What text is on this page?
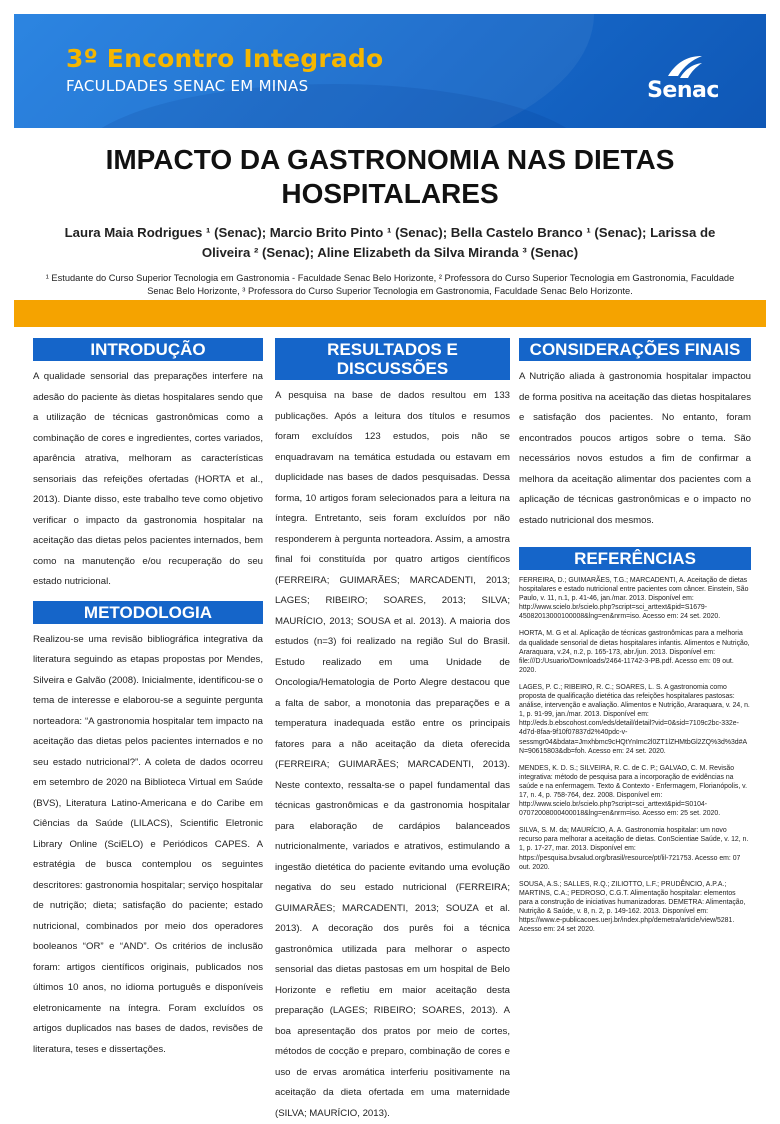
3º Encontro Integrado
FACULDADES SENAC EM MINAS	Senac
IMPACTO DA GASTRONOMIA NAS DIETAS HOSPITALARES
Laura Maia Rodrigues ¹ (Senac); Marcio Brito Pinto ¹ (Senac); Bella Castelo Branco ¹ (Senac); Larissa de Oliveira ² (Senac); Aline Elizabeth da Silva Miranda ³ (Senac)
¹ Estudante do Curso Superior Tecnologia em Gastronomia - Faculdade Senac Belo Horizonte, ² Professora do Curso Superior Tecnologia em Gastronomia, Faculdade Senac Belo Horizonte, ³ Professora do Curso Superior Tecnologia em Gastronomia, Faculdade Senac Belo Horizonte.
INTRODUÇÃO

A qualidade sensorial das preparações interfere na adesão do paciente às dietas hospitalares sendo que a utilização de técnicas gastronômicas como a combinação de cores e ingredientes, cortes variados, aparência atrativa, melhoram as características sensoriais das refeições ofertadas (HORTA et al., 2013). Diante disso, este trabalho teve como objetivo verificar o impacto da gastronomia hospitalar na aceitação das dietas pelos pacientes internados, bem como na manutenção e/ou recuperação do seu estado nutricional.

METODOLOGIA

Realizou-se uma revisão bibliográfica integrativa da literatura seguindo as etapas propostas por Mendes, Silveira e Galvão (2008). Inicialmente, identificou-se o tema de interesse e elaborou-se a seguinte pergunta norteadora: “A gastronomia hospitalar tem impacto na aceitação das dietas pelos pacientes internados e no seu estado nutricional?”. A coleta de dados ocorreu em setembro de 2020 na Biblioteca Virtual em Saúde (BVS), Literatura Latino-Americana e do Caribe em Ciências da Saúde (LILACS), Scientific Eletronic Library Online (SciELO) e Periódicos CAPES. A estratégia de busca contemplou os seguintes descritores: gastronomia hospitalar; serviço hospitalar de nutrição; dieta; satisfação do paciente; estado nutricional, combinados por meio dos operadores booleanos “OR” e “AND”. Os critérios de inclusão foram: artigos científicos originais, publicados nos últimos 10 anos, no idioma português e disponíveis eletronicamente na íntegra. Foram excluídos os artigos duplicados nas bases de dados, revisões de literatura, teses e dissertações.

RESULTADOS E DISCUSSÕES

A pesquisa na base de dados resultou em 133 publicações. Após a leitura dos títulos e resumos foram excluídos 123 estudos, pois não se enquadravam na temática estudada ou estavam em duplicidade nas bases de dados pesquisadas. Dessa forma, 10 artigos foram selecionados para a leitura na íntegra. Entretanto, seis foram excluídos por não responderem à pergunta norteadora. Assim, a amostra final foi constituída por quatro artigos científicos (FERREIRA; GUIMARÃES; MARCADENTI, 2013; LAGES; RIBEIRO; SOARES, 2013; SILVA; MAURÍCIO, 2013; SOUSA et al. 2013). A maioria dos estudos (n=3) foi realizado na região Sul do Brasil. Estudo realizado em uma Unidade de Oncologia/Hematologia de Porto Alegre destacou que a falta de sabor, a monotonia das preparações e a temperatura inadequada estão entre os principais fatores para a não aceitação da dieta oferecida (FERREIRA; GUIMARÃES; MARCADENTI, 2013). Neste contexto, ressalta-se o papel fundamental das técnicas gastronômicas e da gastronomia hospitalar para elaboração de cardápios balanceados nutricionalmente, variados e atrativos, estimulando a ingestão dietética do paciente evitando uma evolução negativa do seu estado nutricional (FERREIRA; GUIMARÃES; MARCADENTI, 2013; SOUZA et al. 2013). A decoração dos purês foi a técnica gastronômica utilizada para melhorar o aspecto sensorial das dietas pastosas em um hospital de Belo Horizonte e refletiu em maior aceitação desta preparação (LAGES; RIBEIRO; SOARES, 2013). A boa apresentação dos pratos por meio de cortes, métodos de cocção e preparo, combinação de cores e uso de ervas aromática interferiu positivamente na aceitação da dieta ofertada em uma maternidade (SILVA; MAURÍCIO, 2013).

CONSIDERAÇÕES FINAIS

A Nutrição aliada à gastronomia hospitalar impactou de forma positiva na aceitação das dietas hospitalares e satisfação dos pacientes. No entanto, foram encontrados poucos artigos sobre o tema. São necessários novos estudos a fim de confirmar a melhora da aceitação alimentar dos pacientes com a aplicação de técnicas gastronômicas e o impacto no estado nutricional dos mesmos.

REFERÊNCIAS

FERREIRA, D.; GUIMARÃES, T.G.; MARCADENTI, A. Aceitação de dietas hospitalares e estado nutricional entre pacientes com câncer. Einstein, São Paulo, v. 11, n.1, p. 41-46, jan./mar. 2013. Disponível em: http://www.scielo.br/scielo.php?script=sci_arttext&pid=S1679-45082013000100008&lng=en&nrm=iso. Acesso em: 24 set. 2020.

HORTA, M. G et al. Aplicação de técnicas gastronômicas para a melhoria da qualidade sensorial de dietas hospitalares infantis. Alimentos e Nutrição, Araraquara, v.24, n.2, p. 165-173, abr./jun. 2013. Disponível em: file:///D:/Usuario/Downloads/2464-11742-3-PB.pdf. Acesso em: 09 out. 2020.

LAGES, P. C.; RIBEIRO, R. C.; SOARES, L. S. A gastronomia como proposta de qualificação dietética das refeições hospitalares pastosas: análise, intervenção e avaliação. Alimentos e Nutrição, Araraquara, v. 24, n. 1, p. 91-99, jan./mar. 2013. Disponível em: http://eds.b.ebscohost.com/eds/detail/detail?vid=0&sid=7109c2bc-332e-4d7d-8faa-9f10f07837d2%40pdc-v-sessmgr04&bdata=Jmxhbmc9cHQtYnImc2l0ZT1lZHMtbGl2ZQ%3d%3d#AN=90615803&db=foh. Acesso em: 24 set. 2020.

MENDES, K. D. S.; SILVEIRA, R. C. de C. P.; GALVAO, C. M. Revisão integrativa: método de pesquisa para a incorporação de evidências na saúde e na enfermagem. Texto & Contexto - Enfermagem, Florianópolis, v. 17, n. 4, p. 758-764, dez. 2008. Disponível em: http://www.scielo.br/scielo.php?script=sci_arttext&pid=S0104-07072008000400018&lng=en&nrm=iso. Acesso em: 25 set. 2020.

SILVA, S. M. da; MAURÍCIO, A. A. Gastronomia hospitalar: um novo recurso para melhorar a aceitação de dietas. ConScientiae Saúde, v. 12, n. 1, p. 17-27, mar. 2013. Disponível em: https://pesquisa.bvsalud.org/brasil/resource/pt/lil-721753. Acesso em: 07 out. 2020.

SOUSA, A.S.; SALLES, R.Q.; ZILIOTTO, L.F.; PRUDÊNCIO, A.P.A.; MARTINS, C.A.; PEDROSO, C.G.T. Alimentação hospitalar: elementos para a construção de iniciativas humanizadoras. DEMETRA: Alimentação, Nutrição & Saúde, v. 8, n. 2, p. 149-162. 2013. Disponível em: https://www.e-publicacoes.uerj.br/index.php/demetra/article/view/5281. Acesso em: 24 set 2020.
